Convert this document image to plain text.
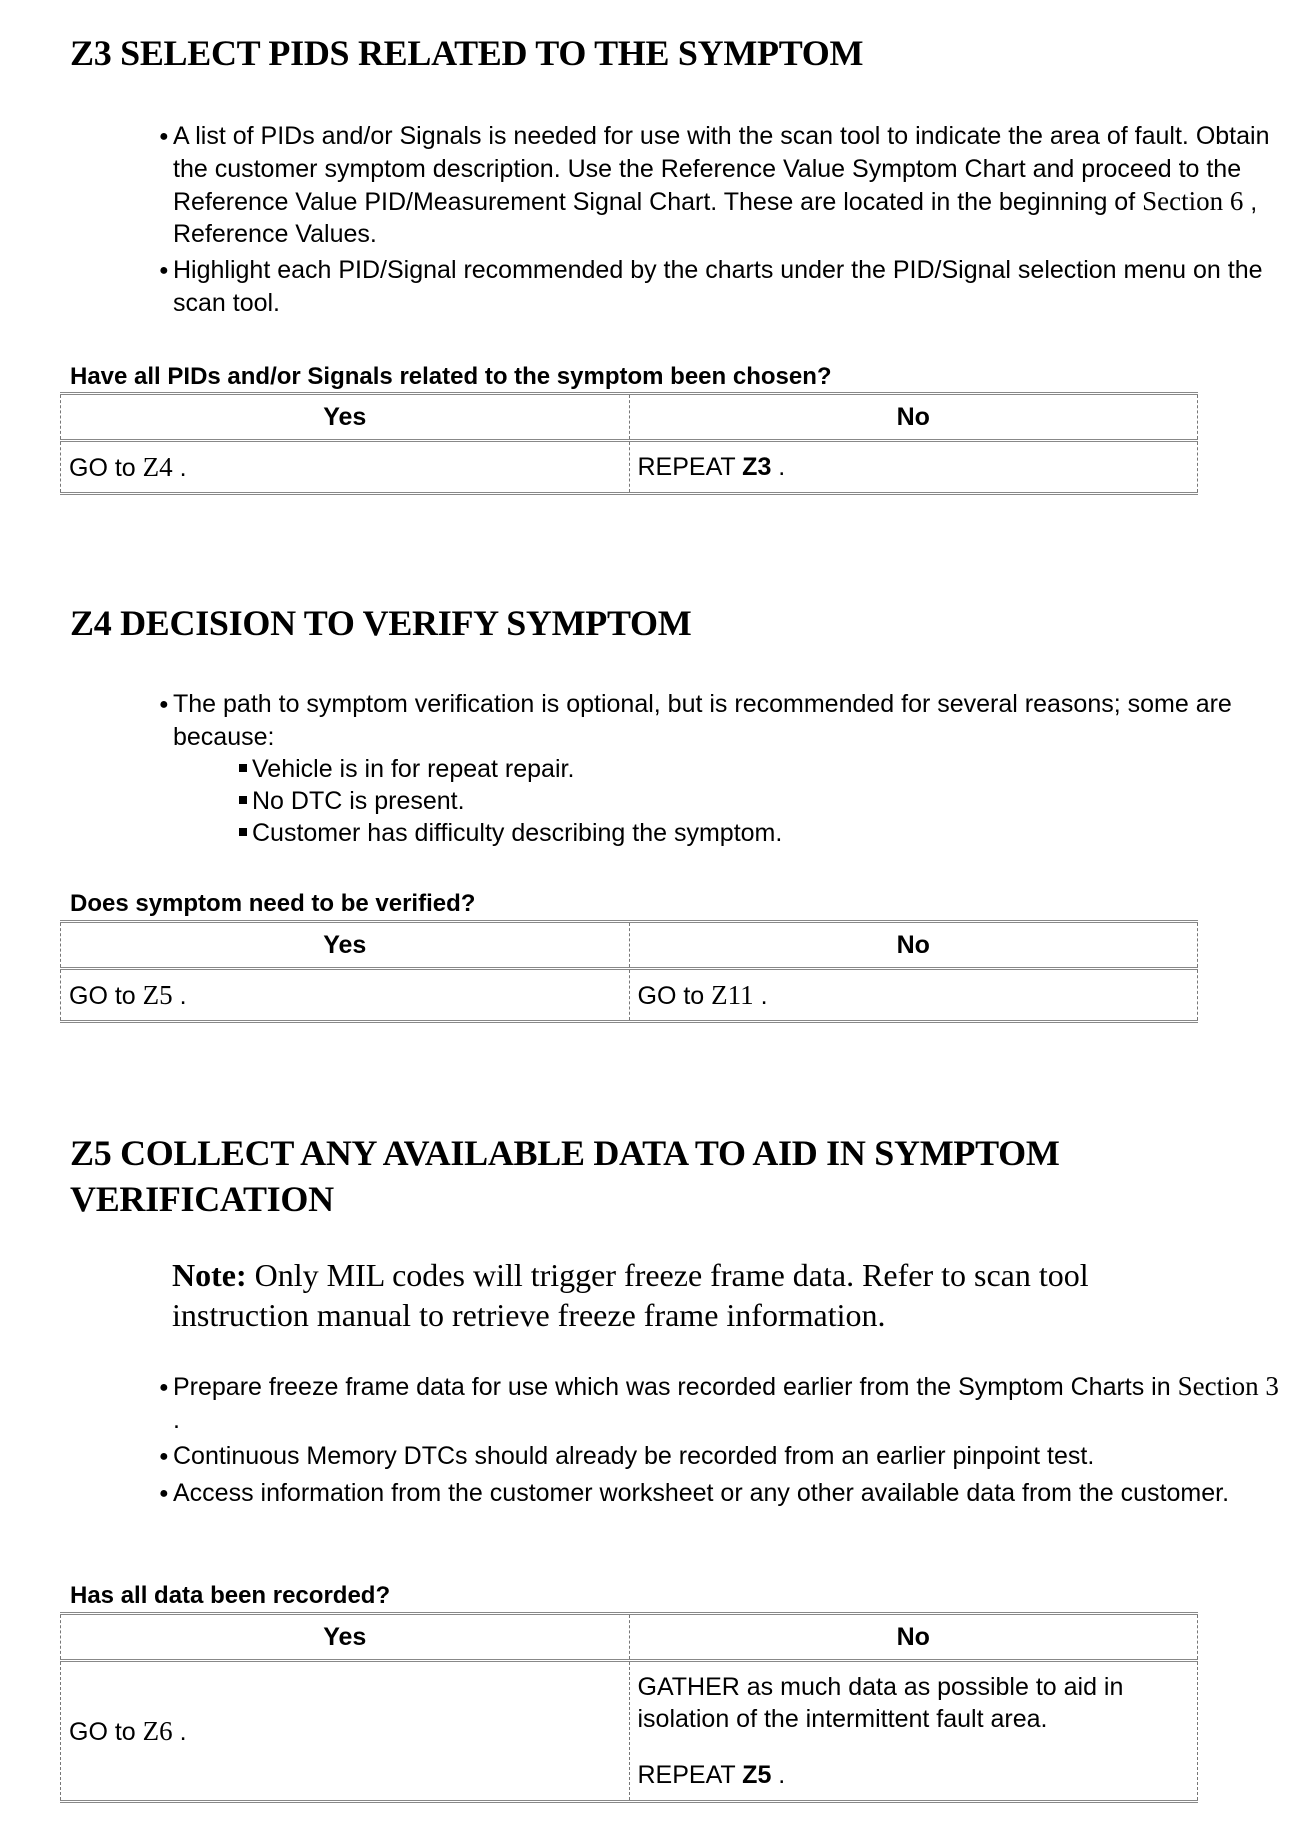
Z3 SELECT PIDS RELATED TO THE SYMPTOM
● A list of PIDs and/or Signals is needed for use with the scan tool to indicate the area of fault. Obtain the customer symptom description. Use the Reference Value Symptom Chart and proceed to the Reference Value PID/Measurement Signal Chart. These are located in the beginning of Section 6 , Reference Values.
● Highlight each PID/Signal recommended by the charts under the PID/Signal selection menu on the scan tool.

Have all PIDs and/or Signals related to the symptom been chosen?

Yes	No
GO to Z4 .	REPEAT Z3 .
Z4 DECISION TO VERIFY SYMPTOM
● The path to symptom verification is optional, but is recommended for several reasons; some are because:
Vehicle is in for repeat repair.
No DTC is present.
Customer has difficulty describing the symptom.

Does symptom need to be verified?

Yes	No
GO to Z5 .	GO to Z11 .
Z5 COLLECT ANY AVAILABLE DATA TO AID IN SYMPTOM
VERIFICATION

Note: Only MIL codes will trigger freeze frame data. Refer to scan tool instruction manual to retrieve freeze frame information.

● Prepare freeze frame data for use which was recorded earlier from the Symptom Charts in Section 3 .
● Continuous Memory DTCs should already be recorded from an earlier pinpoint test.
● Access information from the customer worksheet or any other available data from the customer.

Has all data been recorded?

Yes	No
GO to Z6 .	GATHER as much data as possible to aid in isolation of the intermittent fault area.
REPEAT Z5 .
